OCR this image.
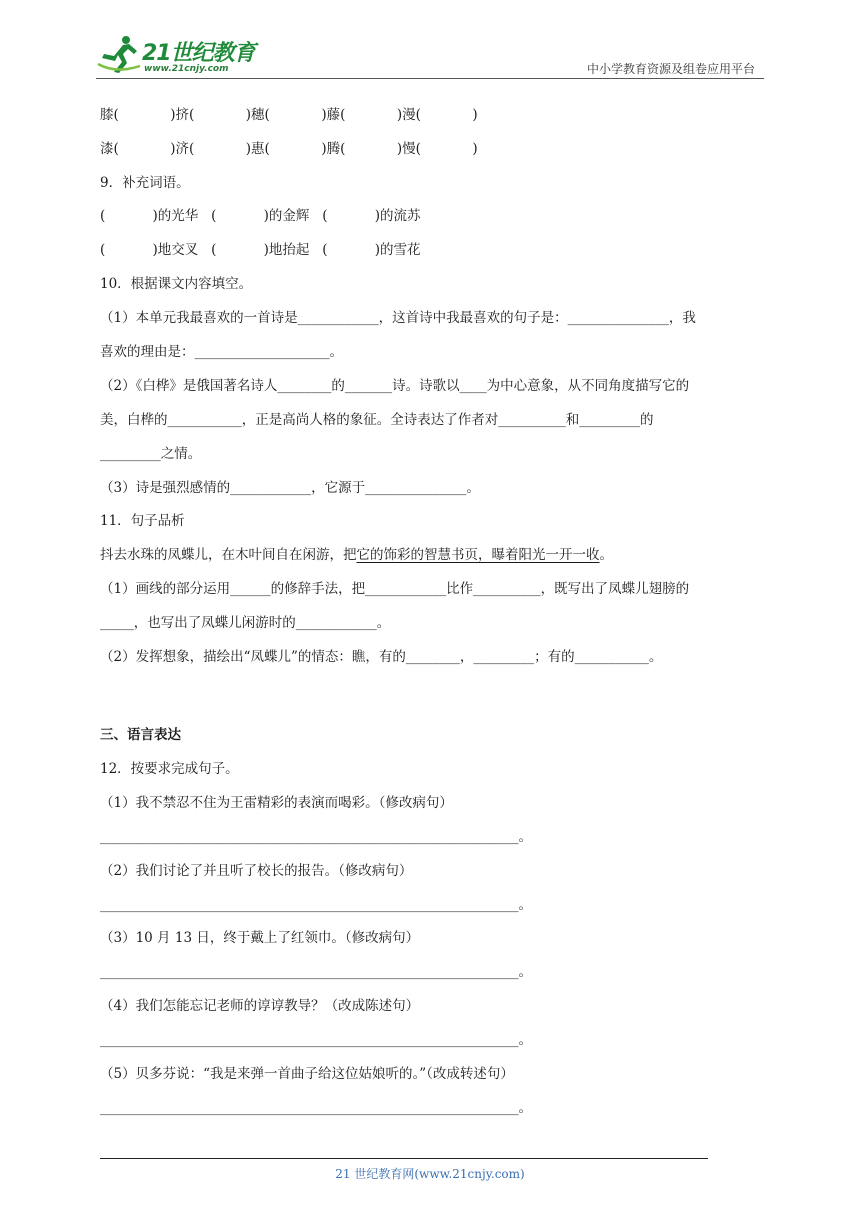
21世纪教育
www.21cnjy.com	中小学教育资源及组卷应用平台
膝(            )挤(            )穗(            )藤(            )漫(            )
漆(            )济(            )惠(            )腾(            )慢(            )
9．补充词语。
(           )的光华   (           )的金辉   (           )的流苏
(           )地交叉   (           )地抬起   (           )的雪花
10．根据课文内容填空。
（1）本单元我最喜欢的一首诗是____________，这首诗中我最喜欢的句子是：_______________，我
喜欢的理由是：____________________。
（2）《白桦》是俄国著名诗人________的_______诗。诗歌以____为中心意象，从不同角度描写它的
美，白桦的___________，正是高尚人格的象征。全诗表达了作者对__________和_________的
_________之情。
（3）诗是强烈感情的____________，它源于_______________。
11．句子品析
抖去水珠的凤蝶儿，在木叶间自在闲游，把它的饰彩的智慧书页，曝着阳光一开一收。
（1）画线的部分运用______的修辞手法，把____________比作__________，既写出了凤蝶儿翅膀的
_____，也写出了凤蝶儿闲游时的____________。
（2）发挥想象，描绘出“凤蝶儿”的情态：瞧，有的________，_________；有的___________。
三、语言表达
12．按要求完成句子。
（1）我不禁忍不住为王雷精彩的表演而喝彩。（修改病句）
______________________________________________________________。
（2）我们讨论了并且听了校长的报告。（修改病句）
______________________________________________________________。
（3）10 月 13 日，终于戴上了红领巾。（修改病句）
______________________________________________________________。
（4）我们怎能忘记老师的谆谆教导？（改成陈述句）
______________________________________________________________。
（5）贝多芬说：“我是来弹一首曲子给这位姑娘听的。”（改成转述句）
______________________________________________________________。
21 世纪教育网(www.21cnjy.com)
